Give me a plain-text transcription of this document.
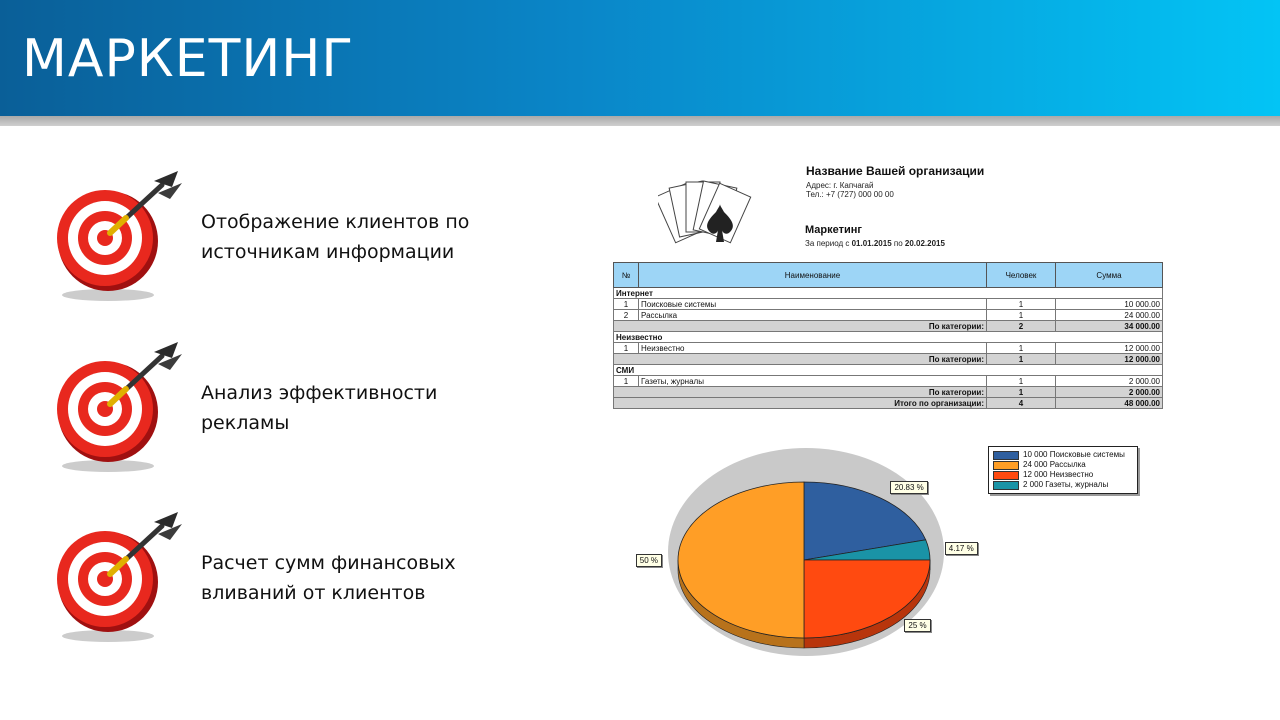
МАРКЕТИНГ
Отображение клиентов по
источникам информации
Анализ эффективности
рекламы
Расчет сумм финансовых
вливаний от клиентов
Название Вашей организации
Адрес: г. Капчагай
Тел.: +7 (727) 000 00 00
Маркетинг
За период с 01.01.2015 по 20.02.2015
№	Наименование	Человек	Сумма
Интернет			
1	Поисковые системы	1	10 000.00
2	Рассылка	1	24 000.00
По категории:		2	34 000.00
Неизвестно			
1	Неизвестно	1	12 000.00
По категории:		1	12 000.00
СМИ			
1	Газеты, журналы	1	2 000.00
По категории:		1	2 000.00
Итого по организации:		4	48 000.00
10 000 Поисковые системы
24 000 Рассылка
12 000 Неизвестно
2 000 Газеты, журналы
20.83 %
4.17 %
25 %
50 %
